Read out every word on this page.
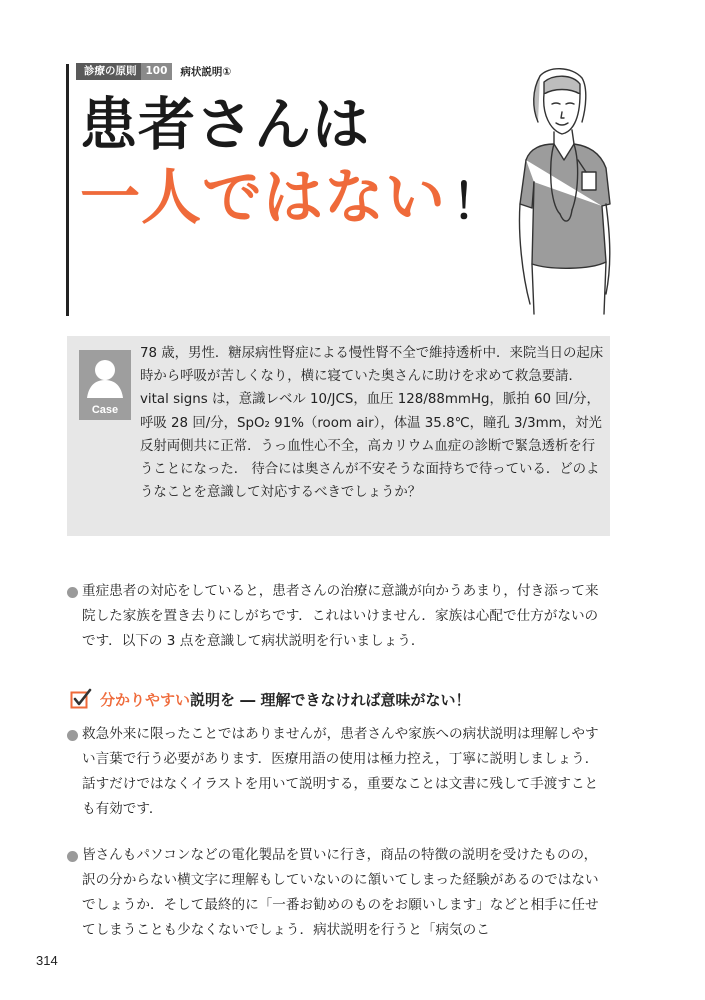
診療の原則 100	病状説明①
患者さんは
一人ではない ！
Case
78 歳，男性．糖尿病性腎症による慢性腎不全で維持透析中．来院当日の起床時から呼吸が苦しくなり，横に寝ていた奥さんに助けを求めて救急要請．vital signs は，意識レベル 10/JCS，血圧 128/88mmHg，脈拍 60 回/分，呼吸 28 回/分，SpO₂ 91%（room air），体温 35.8℃，瞳孔 3/3mm，対光反射両側共に正常．うっ血性心不全，高カリウム血症の診断で緊急透析を行うことになった． 待合には奥さんが不安そうな面持ちで待っている．どのようなことを意識して対応するべきでしょうか？
重症患者の対応をしていると，患者さんの治療に意識が向かうあまり，付き添って来院した家族を置き去りにしがちです．これはいけません．家族は心配で仕方がないのです．以下の 3 点を意識して病状説明を行いましょう．
分かりやすい 説明を ― 理解できなければ意味がない！
救急外来に限ったことではありませんが，患者さんや家族への病状説明は理解しやすい言葉で行う必要があります．医療用語の使用は極力控え，丁寧に説明しましょう．話すだけではなくイラストを用いて説明する，重要なことは文書に残して手渡すことも有効です．
皆さんもパソコンなどの電化製品を買いに行き，商品の特徴の説明を受けたものの，訳の分からない横文字に理解もしていないのに頷いてしまった経験があるのではないでしょうか．そして最終的に「一番お勧めのものをお願いします」などと相手に任せてしまうことも少なくないでしょう．病状説明を行うと「病気のこ
314
